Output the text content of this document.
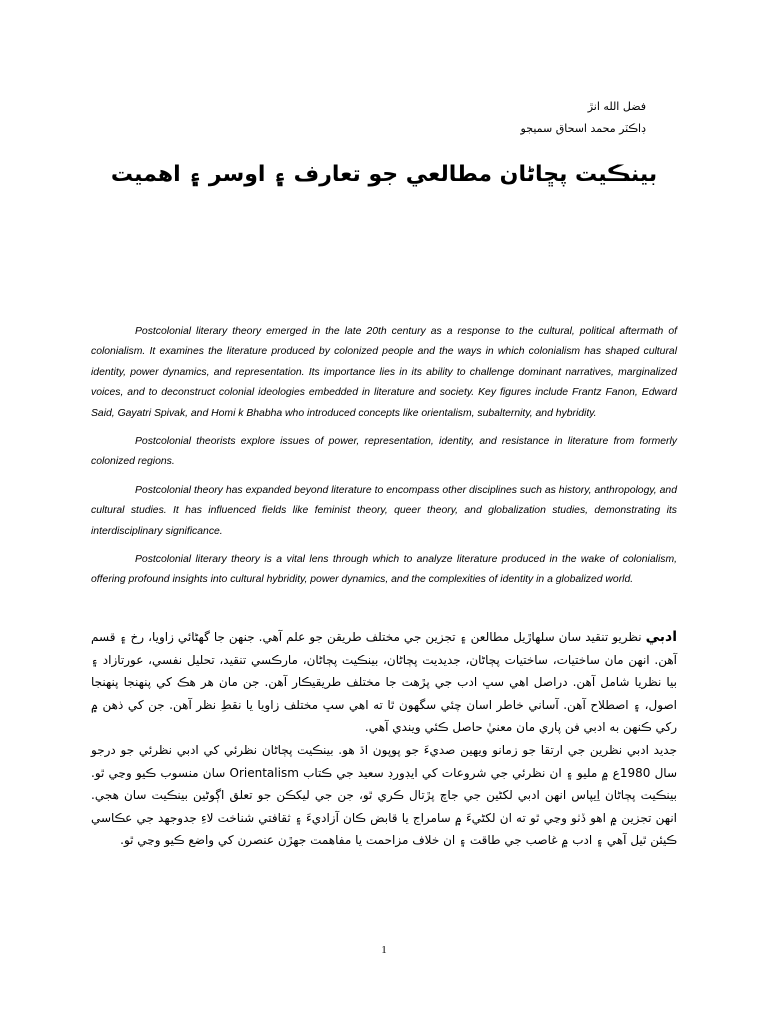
فضل الله انڙ
ڊاڪٽر محمد اسحاق سميجو
بينڪيت پڇاڻان مطالعي جو تعارف ۽ اوسر ۽ اهميت

Postcolonial literary theory emerged in the late 20th century as a response to the cultural, political aftermath of colonialism. It examines the literature produced by colonized people and the ways in which colonialism has shaped cultural identity, power dynamics, and representation. Its importance lies in its ability to challenge dominant narratives, marginalized voices, and to deconstruct colonial ideologies embedded in literature and society. Key figures include Frantz Fanon, Edward Said, Gayatri Spivak, and Homi k Bhabha who introduced concepts like orientalism, subalternity, and hybridity.

Postcolonial theorists explore issues of power, representation, identity, and resistance in literature from formerly colonized regions.

Postcolonial theory has expanded beyond literature to encompass other disciplines such as history, anthropology, and cultural studies. It has influenced fields like feminist theory, queer theory, and globalization studies, demonstrating its interdisciplinary significance.

Postcolonial literary theory is a vital lens through which to analyze literature produced in the wake of colonialism, offering profound insights into cultural hybridity, power dynamics, and the complexities of identity in a globalized world.

ادبي نظريو تنقيد سان سلهاڙيل مطالعن ۽ تجزين جي مختلف طريقن جو علم آهي. جنهن جا گهڻائي زاويا، رخ ۽ قسم آهن. انهن مان ساختيات، ساختيات پڄاڻان، جديديت پڄاڻان، بينڪيت پڄاڻان، مارڪسي تنقيد، تحليل نفسي، عورتازاد ۽ بيا نظريا شامل آهن. دراصل اهي سڀ ادب جي پڙهت جا مختلف طريقيڪار آهن. جن مان هر هڪ کي پنهنجا پنهنجا اصول، ۽ اصطلاح آهن. آساني خاطر اسان چئي سگهون ٿا ته اهي سڀ مختلف زاويا يا نقطِ نظر آهن. جن کي ذهن ۾ رکي ڪنهن به ادبي فن پاري مان معنيٰ حاصل ڪئي ويندي آهي.

جديد ادبي نظرين جي ارتقا جو زمانو ويهين صديءَ جو پوپون اڌ هو. بينڪيت پڄاڻان نظرئي کي ادبي نظرئي جو درجو سال 1980ع ۾ مليو ۽ ان نظرئي جي شروعات کي ايڊورڊ سعيد جي ڪتاب Orientalism سان منسوب ڪيو وڃي ٿو. بينڪيت پڄاڻان اِيپاس انهن ادبي لکڻين جي جاچ پڙتال ڪري ٿو، جن جي ليکڪن جو تعلق اڳوڻين بينڪيت سان هجي. انهن تجزين ۾ اهو ڏٺو وڃي ٿو ته ان لکڻيءَ ۾ سامراج يا قابض ڪان آزاديءَ ۽ ثقافتي شناخت لاءِ جدوجهد جي عڪاسي ڪيئن ٿيل آهي ۽ ادب ۾ غاصب جي طاقت ۽ ان خلاف مزاحمت يا مفاهمت جهڙن عنصرن کي واضع ڪيو وڃي ٿو.

1
